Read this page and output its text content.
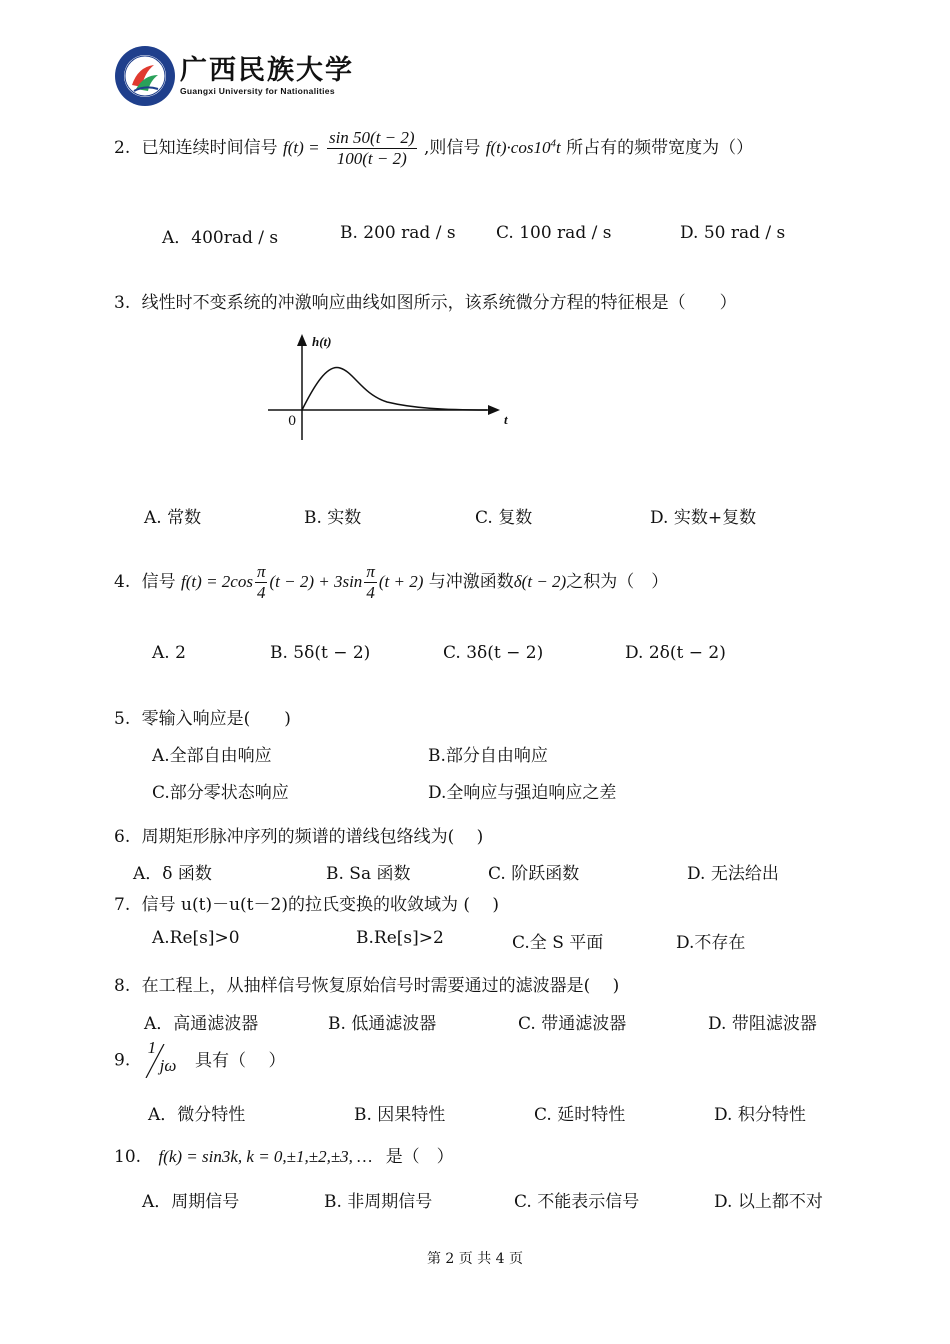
广西民族大学
Guangxi University for Nationalities
2. 已知连续时间信号 $f(t) = \frac{\sin 50(t - 2)}{100(t - 2)}$ ,则信号 $f(t)\cdot\cos 10^4t$ 所占有的频带宽度为（）
A．400rad / s	B. 200 rad / s C. 100 rad / s	D. 50 rad / s
3. 线性时不变系统的冲激响应曲线如图所示，该系统微分方程的特征根是（　　）
h(t)
t
0
A. 常数	B. 实数	C. 复数	D. 实数+复数
4. 信号 $f(t) = 2\cos \frac{\pi}{4} (t - 2) + 3\sin \frac{\pi}{4} (t + 2)$ 与冲激函数δ(t − 2)之积为（　）
A. 2	B. 5δ(t − 2)	C. 3δ(t − 2)	D. 2δ(t − 2)
5. 零输入响应是(　　)
A.全部自由响应	B.部分自由响应
C.部分零状态响应	D.全响应与强迫响应之差
6. 周期矩形脉冲序列的频谱的谱线包络线为(　 )
A．δ 函数	B. Sa 函数	C. 阶跃函数	D. 无法给出
7. 信号 u(t)－u(t－2)的拉氏变换的收敛域为 (　 )
A.Re[s]>0	B.Re[s]>2	C.全 S 平面	D.不存在
8. 在工程上，从抽样信号恢复原始信号时需要通过的滤波器是(　 )
A．高通滤波器	B. 低通滤波器	C. 带通滤波器	D. 带阻滤波器
9.
1
jω 具有（　 ）
A．微分特性	B. 因果特性	C. 延时特性	D. 积分特性
10. f(k) = sin3k, k = 0,±1,±2,±3, … 是（　）
A．周期信号	B. 非周期信号	C. 不能表示信号	D. 以上都不对
第 2 页 共 4 页
